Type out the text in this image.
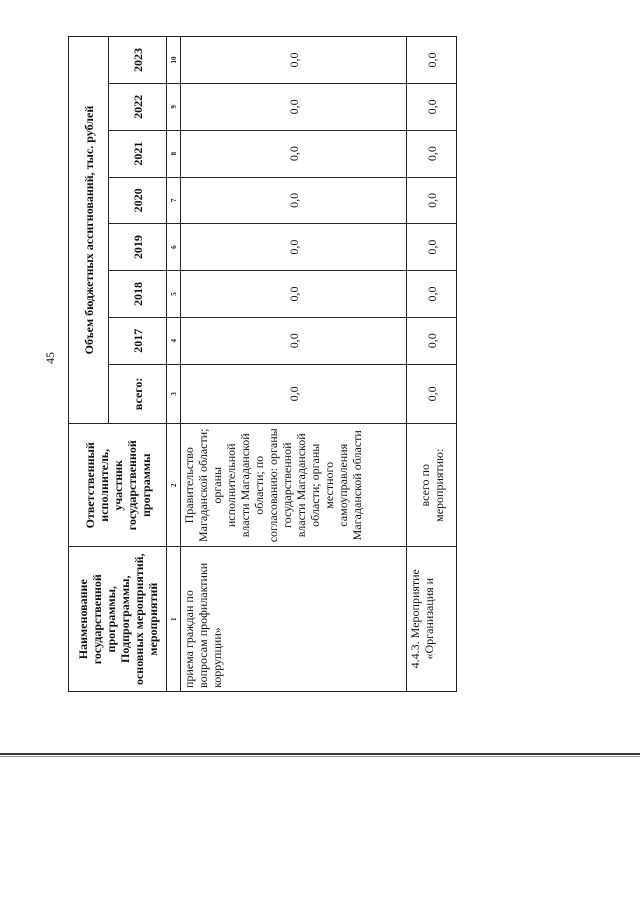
45
Наименование государственной программы, Подпрограммы, основных мероприятий, мероприятий	Ответственный исполнитель, участник государственной программы	Объем бюджетных ассигнований, тыс. рублей							
		всего:	2017	2018	2019	2020	2021	2022	2023
1	2	3	4	5	6	7	8	9	10
приема граждан по вопросам профилактики коррупции»	Правительство Магаданской области; органы исполнительной власти Магаданской области; по согласованию: органы государственной власти Магаданской области; органы местного самоуправления Магаданской области	0,0	0,0	0,0	0,0	0,0	0,0	0,0	0,0
4.4.3. Мероприятие «Организация и	всего по мероприятию:	0,0	0,0	0,0	0,0	0,0	0,0	0,0	0,0
